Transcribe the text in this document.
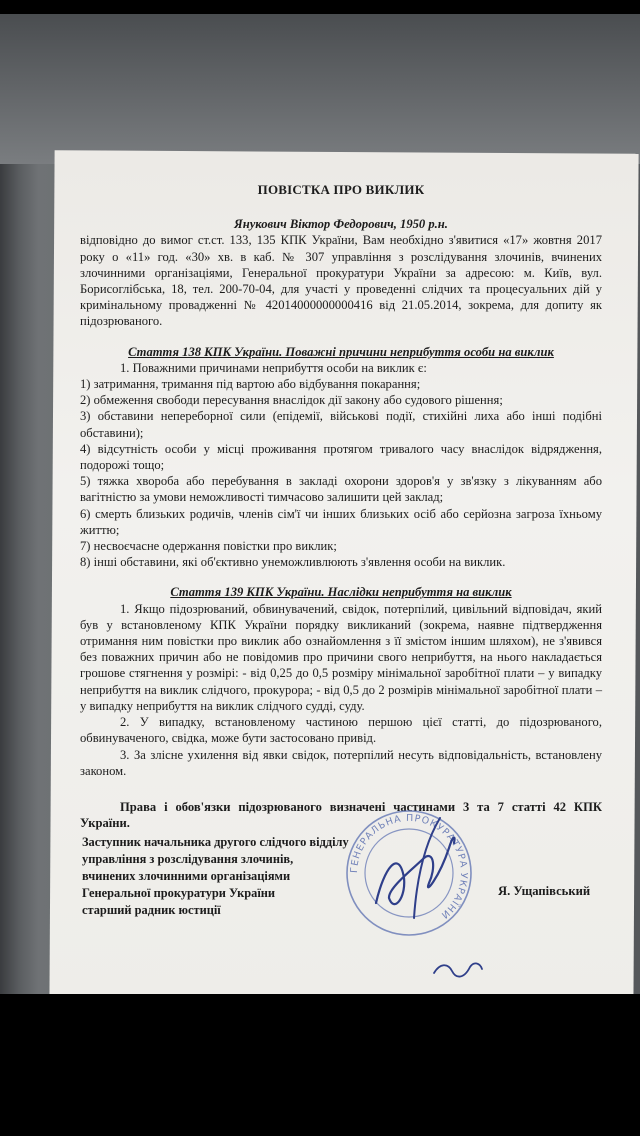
ПОВІСТКА ПРО ВИКЛИК
Янукович Віктор Федорович, 1950 р.н.

відповідно до вимог ст.ст. 133, 135 КПК України, Вам необхідно з'явитися «17» жовтня 2017 року о «11» год. «30» хв. в каб. № 307 управління з розслідування злочинів, вчинених злочинними організаціями, Генеральної прокуратури України за адресою: м. Київ, вул. Борисоглібська, 18, тел. 200-70-04, для участі у проведенні слідчих та процесуальних дій у кримінальному провадженні № 42014000000000416 від 21.05.2014, зокрема, для допиту як підозрюваного.

Стаття 138 КПК України. Поважні причини неприбуття особи на виклик

1. Поважними причинами неприбуття особи на виклик є:

1) затримання, тримання під вартою або відбування покарання;

2) обмеження свободи пересування внаслідок дії закону або судового рішення;

3) обставини непереборної сили (епідемії, військові події, стихійні лиха або інші подібні обставини);

4) відсутність особи у місці проживання протягом тривалого часу внаслідок відрядження, подорожі тощо;

5) тяжка хвороба або перебування в закладі охорони здоров'я у зв'язку з лікуванням або вагітністю за умови неможливості тимчасово залишити цей заклад;

6) смерть близьких родичів, членів сім'ї чи інших близьких осіб або серйозна загроза їхньому життю;

7) несвоєчасне одержання повістки про виклик;

8) інші обставини, які об'єктивно унеможливлюють з'явлення особи на виклик.

Стаття 139 КПК України. Наслідки неприбуття на виклик

1. Якщо підозрюваний, обвинувачений, свідок, потерпілий, цивільний відповідач, який був у встановленому КПК України порядку викликаний (зокрема, наявне підтвердження отримання ним повістки про виклик або ознайомлення з її змістом іншим шляхом), не з'явився без поважних причин або не повідомив про причини свого неприбуття, на нього накладається грошове стягнення у розмірі: - від 0,25 до 0,5 розміру мінімальної заробітної плати – у випадку неприбуття на виклик слідчого, прокурора; - від 0,5 до 2 розмірів мінімальної заробітної плати – у випадку неприбуття на виклик слідчого судді, суду.

2. У випадку, встановленому частиною першою цієї статті, до підозрюваного, обвинуваченого, свідка, може бути застосовано привід.

3. За злісне ухилення від явки свідок, потерпілий несуть відповідальність, встановлену законом.

Права і обов'язки підозрюваного визначені частинами 3 та 7 статті 42 КПК України.

Заступник начальника другого слідчого відділу
управління з розслідування злочинів,
вчинених злочинними організаціями
Генеральної прокуратури України
старший радник юстиції
Я. Ущапівський
ГЕНЕРАЛЬНА ПРОКУРАТУРА УКРАЇНИ
